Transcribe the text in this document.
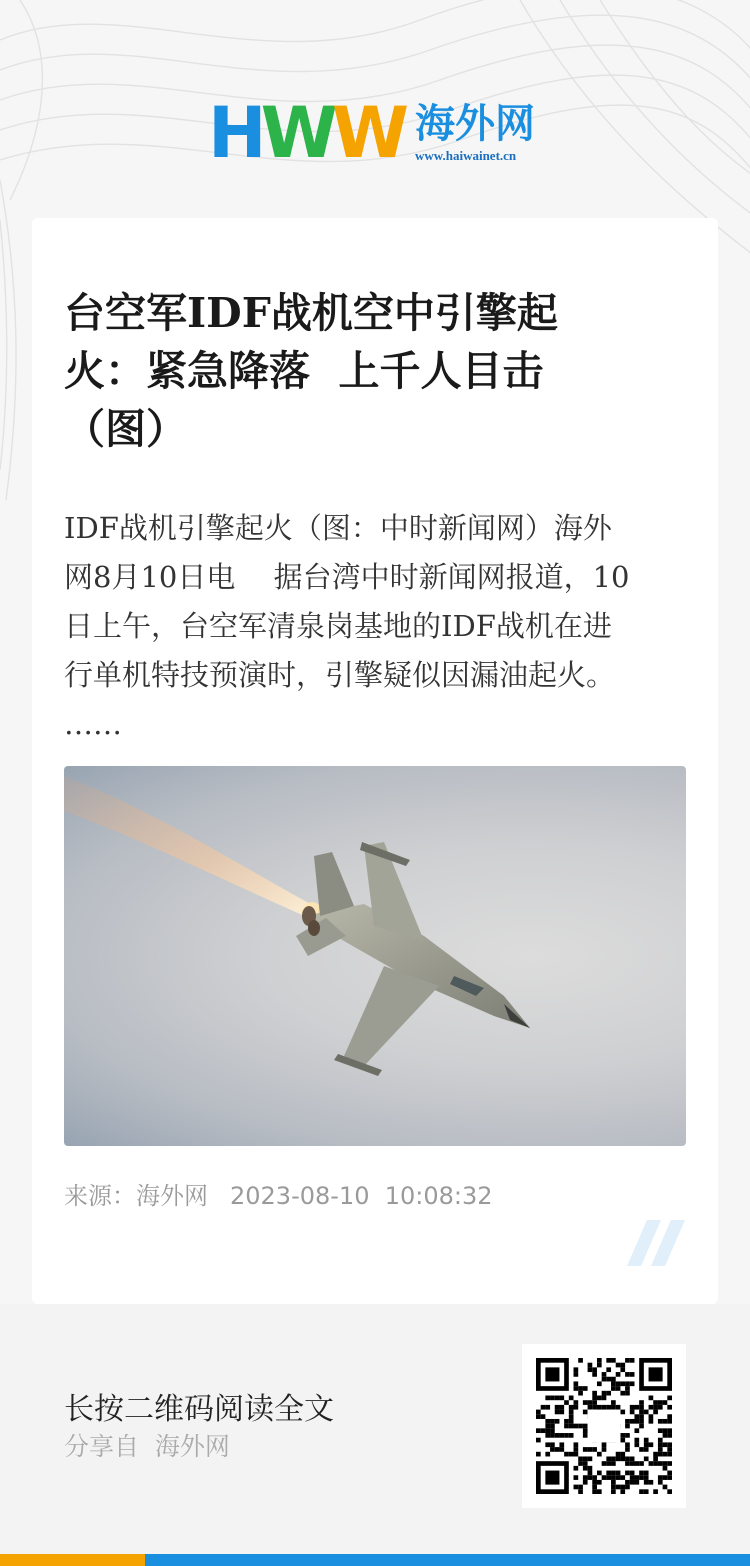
H W W 海外网
www.haiwainet.cn
台空军IDF战机空中引擎起
火：紧急降落  上千人目击
（图）
IDF战机引擎起火（图：中时新闻网）海外
网8月10日电　 据台湾中时新闻网报道，10
日上午，台空军清泉岗基地的IDF战机在进
行单机特技预演时，引擎疑似因漏油起火。
……
来源：海外网 2023-08-10  10:08:32
长按二维码阅读全文
分享自  海外网
